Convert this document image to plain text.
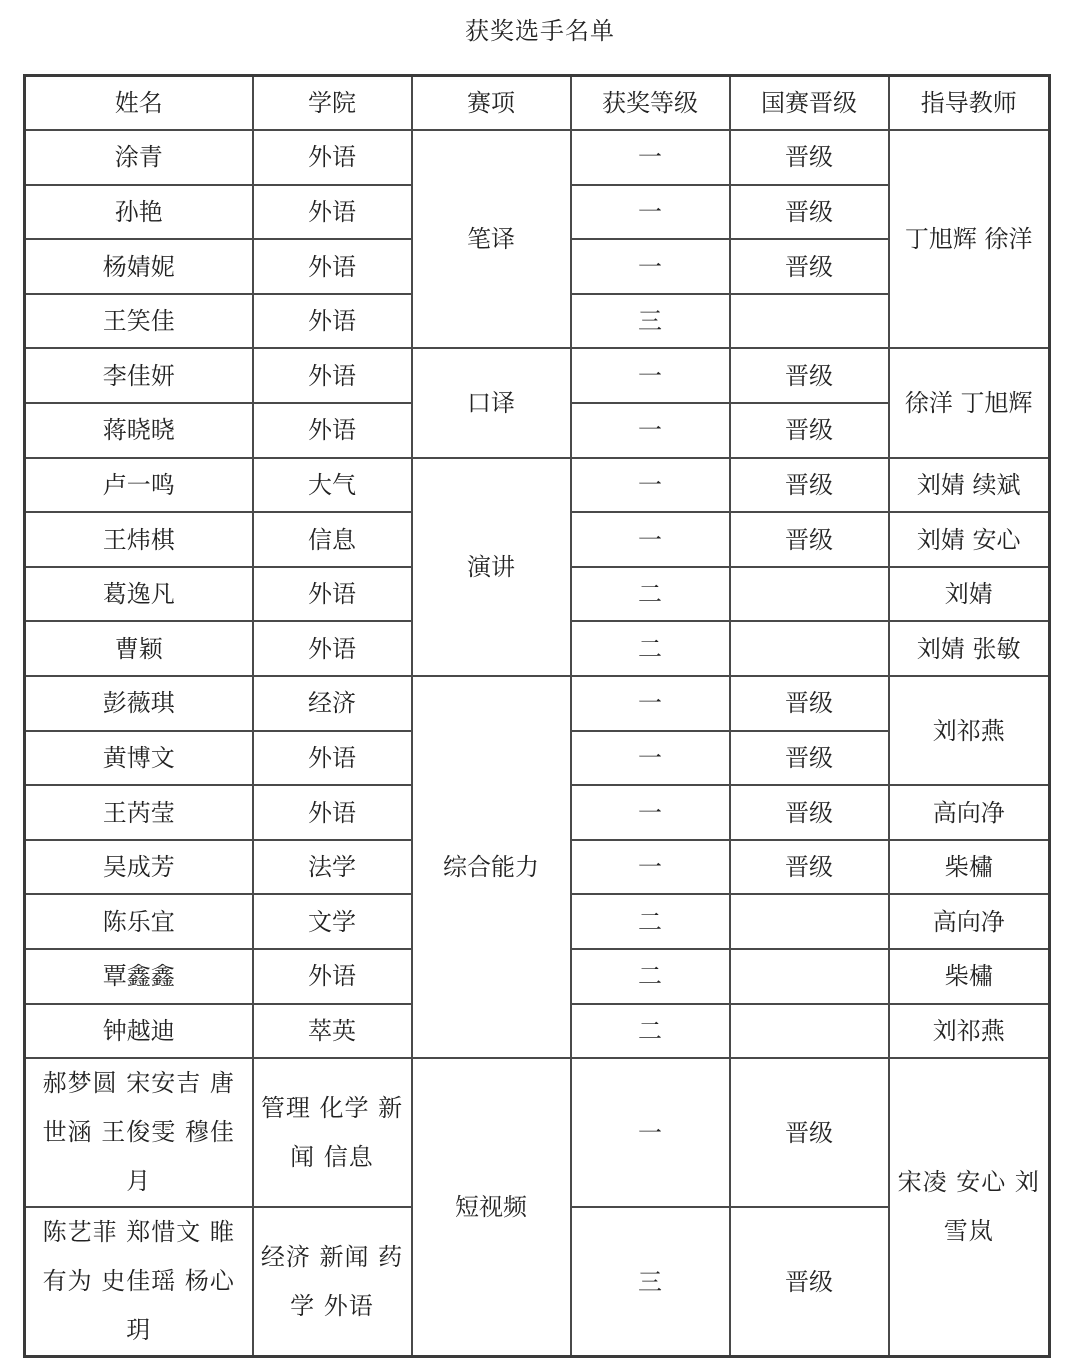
获奖选手名单
姓名	学院	赛项	获奖等级	国赛晋级	指导教师
涂青	外语	笔译	一	晋级	丁旭辉 徐洋
孙艳	外语		一	晋级	
杨婧妮	外语		一	晋级	
王笑佳	外语		三		
李佳妍	外语	口译	一	晋级	徐洋 丁旭辉
蒋晓晓	外语		一	晋级	
卢一鸣	大气	演讲	一	晋级	刘婧 续斌
王炜棋	信息		一	晋级	刘婧 安心
葛逸凡	外语		二		刘婧
曹颖	外语		二		刘婧 张敏
彭薇琪	经济	综合能力	一	晋级	刘祁燕
黄博文	外语		一	晋级	
王芮莹	外语		一	晋级	高向净
吴成芳	法学		一	晋级	柴橚
陈乐宜	文学		二		高向净
覃鑫鑫	外语		二		柴橚
钟越迪	萃英		二		刘祁燕
郝梦圆 宋安吉 唐世涵 王俊雯 穆佳月	管理 化学 新闻 信息	短视频	一	晋级	宋凌 安心 刘雪岚
陈艺菲 郑惜文 睢有为 史佳瑶 杨心玥	经济 新闻 药学 外语		三	晋级	
